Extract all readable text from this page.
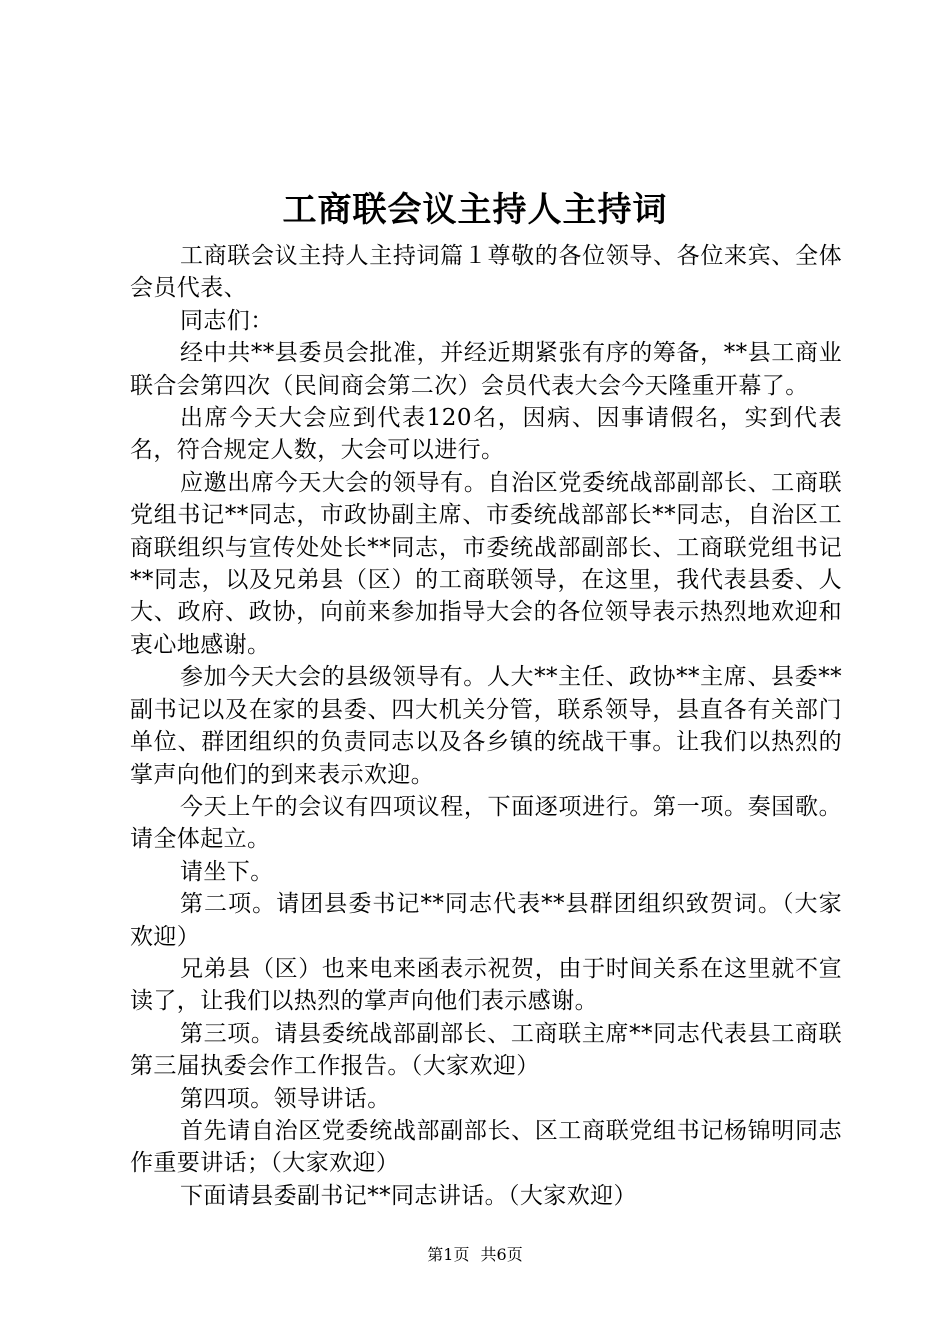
工商联会议主持人主持词

工商联会议主持人主持词篇１尊敬的各位领导、各位来宾、全体会员代表、

同志们：

经中共**县委员会批准，并经近期紧张有序的筹备，**县工商业联合会第四次（民间商会第二次）会员代表大会今天隆重开幕了。

出席今天大会应到代表120名，因病、因事请假名，实到代表名，符合规定人数，大会可以进行。

应邀出席今天大会的领导有。自治区党委统战部副部长、工商联党组书记**同志，市政协副主席、市委统战部部长**同志，自治区工商联组织与宣传处处长**同志，市委统战部副部长、工商联党组书记**同志，以及兄弟县（区）的工商联领导，在这里，我代表县委、人大、政府、政协，向前来参加指导大会的各位领导表示热烈地欢迎和衷心地感谢。

参加今天大会的县级领导有。人大**主任、政协**主席、县委**副书记以及在家的县委、四大机关分管，联系领导，县直各有关部门单位、群团组织的负责同志以及各乡镇的统战干事。让我们以热烈的掌声向他们的到来表示欢迎。

今天上午的会议有四项议程，下面逐项进行。第一项。奏国歌。请全体起立。

请坐下。

第二项。请团县委书记**同志代表**县群团组织致贺词。（大家欢迎）

兄弟县（区）也来电来函表示祝贺，由于时间关系在这里就不宣读了，让我们以热烈的掌声向他们表示感谢。

第三项。请县委统战部副部长、工商联主席**同志代表县工商联第三届执委会作工作报告。（大家欢迎）

第四项。领导讲话。

首先请自治区党委统战部副部长、区工商联党组书记杨锦明同志作重要讲话；（大家欢迎）

下面请县委副书记**同志讲话。（大家欢迎）

第1页 共6页
